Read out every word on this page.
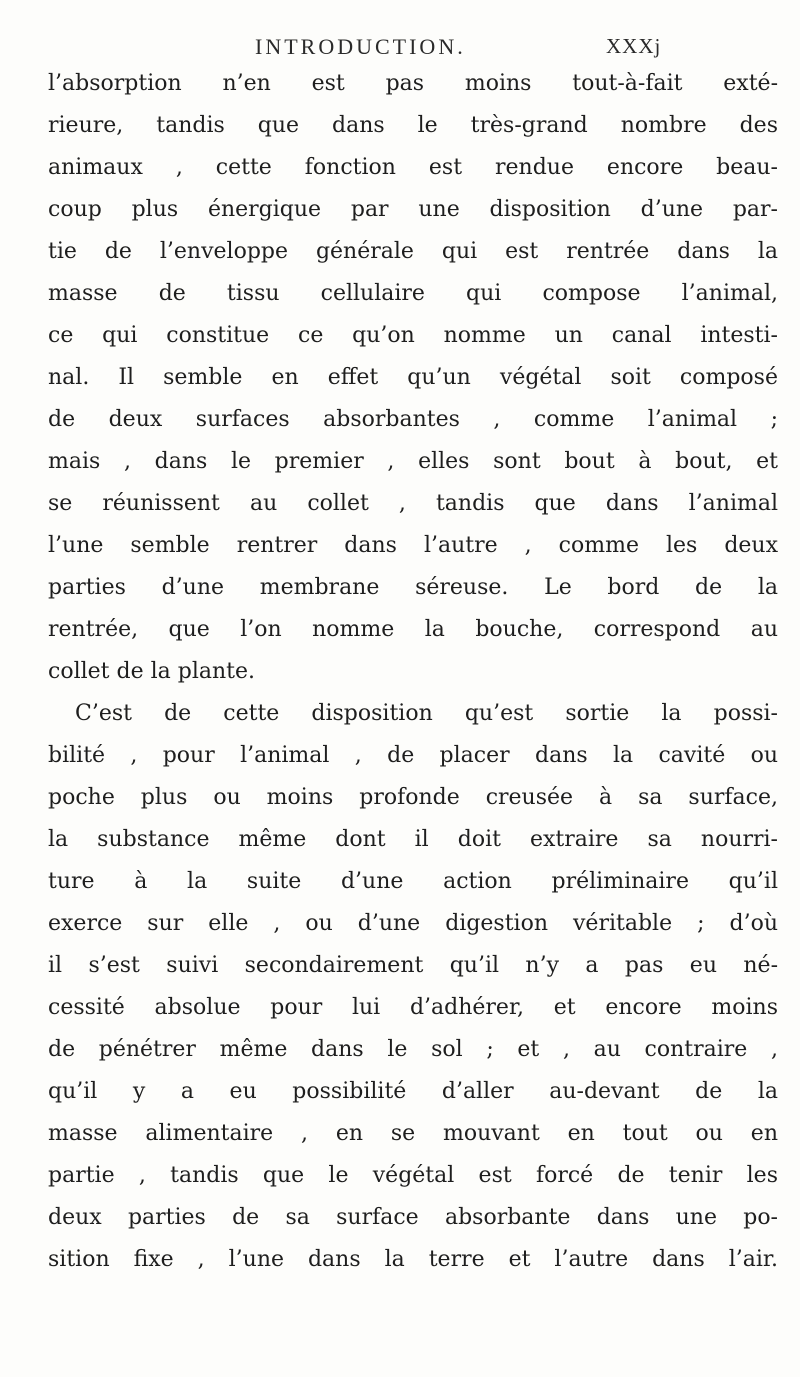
INTRODUCTION.	XXXj
l’absorption n’en est pas moins tout-à-fait exté-
rieure, tandis que dans le très-grand nombre des
animaux , cette fonction est rendue encore beau-
coup plus énergique par une disposition d’une par-
tie de l’enveloppe générale qui est rentrée dans la
masse de tissu cellulaire qui compose l’animal,
ce qui constitue ce qu’on nomme un canal intesti-
nal. Il semble en effet qu’un végétal soit composé
de deux surfaces absorbantes , comme l’animal ;
mais , dans le premier , elles sont bout à bout, et
se réunissent au collet , tandis que dans l’animal
l’une semble rentrer dans l’autre , comme les deux
parties d’une membrane séreuse. Le bord de la
rentrée, que l’on nomme la bouche, correspond au
collet de la plante.
C’est de cette disposition qu’est sortie la possi-
bilité , pour l’animal , de placer dans la cavité ou
poche plus ou moins profonde creusée à sa surface,
la substance même dont il doit extraire sa nourri-
ture à la suite d’une action préliminaire qu’il
exerce sur elle , ou d’une digestion véritable ; d’où
il s’est suivi secondairement qu’il n’y a pas eu né-
cessité absolue pour lui d’adhérer, et encore moins
de pénétrer même dans le sol ; et , au contraire ,
qu’il y a eu possibilité d’aller au-devant de la
masse alimentaire , en se mouvant en tout ou en
partie , tandis que le végétal est forcé de tenir les
deux parties de sa surface absorbante dans une po-
sition fixe , l’une dans la terre et l’autre dans l’air.
